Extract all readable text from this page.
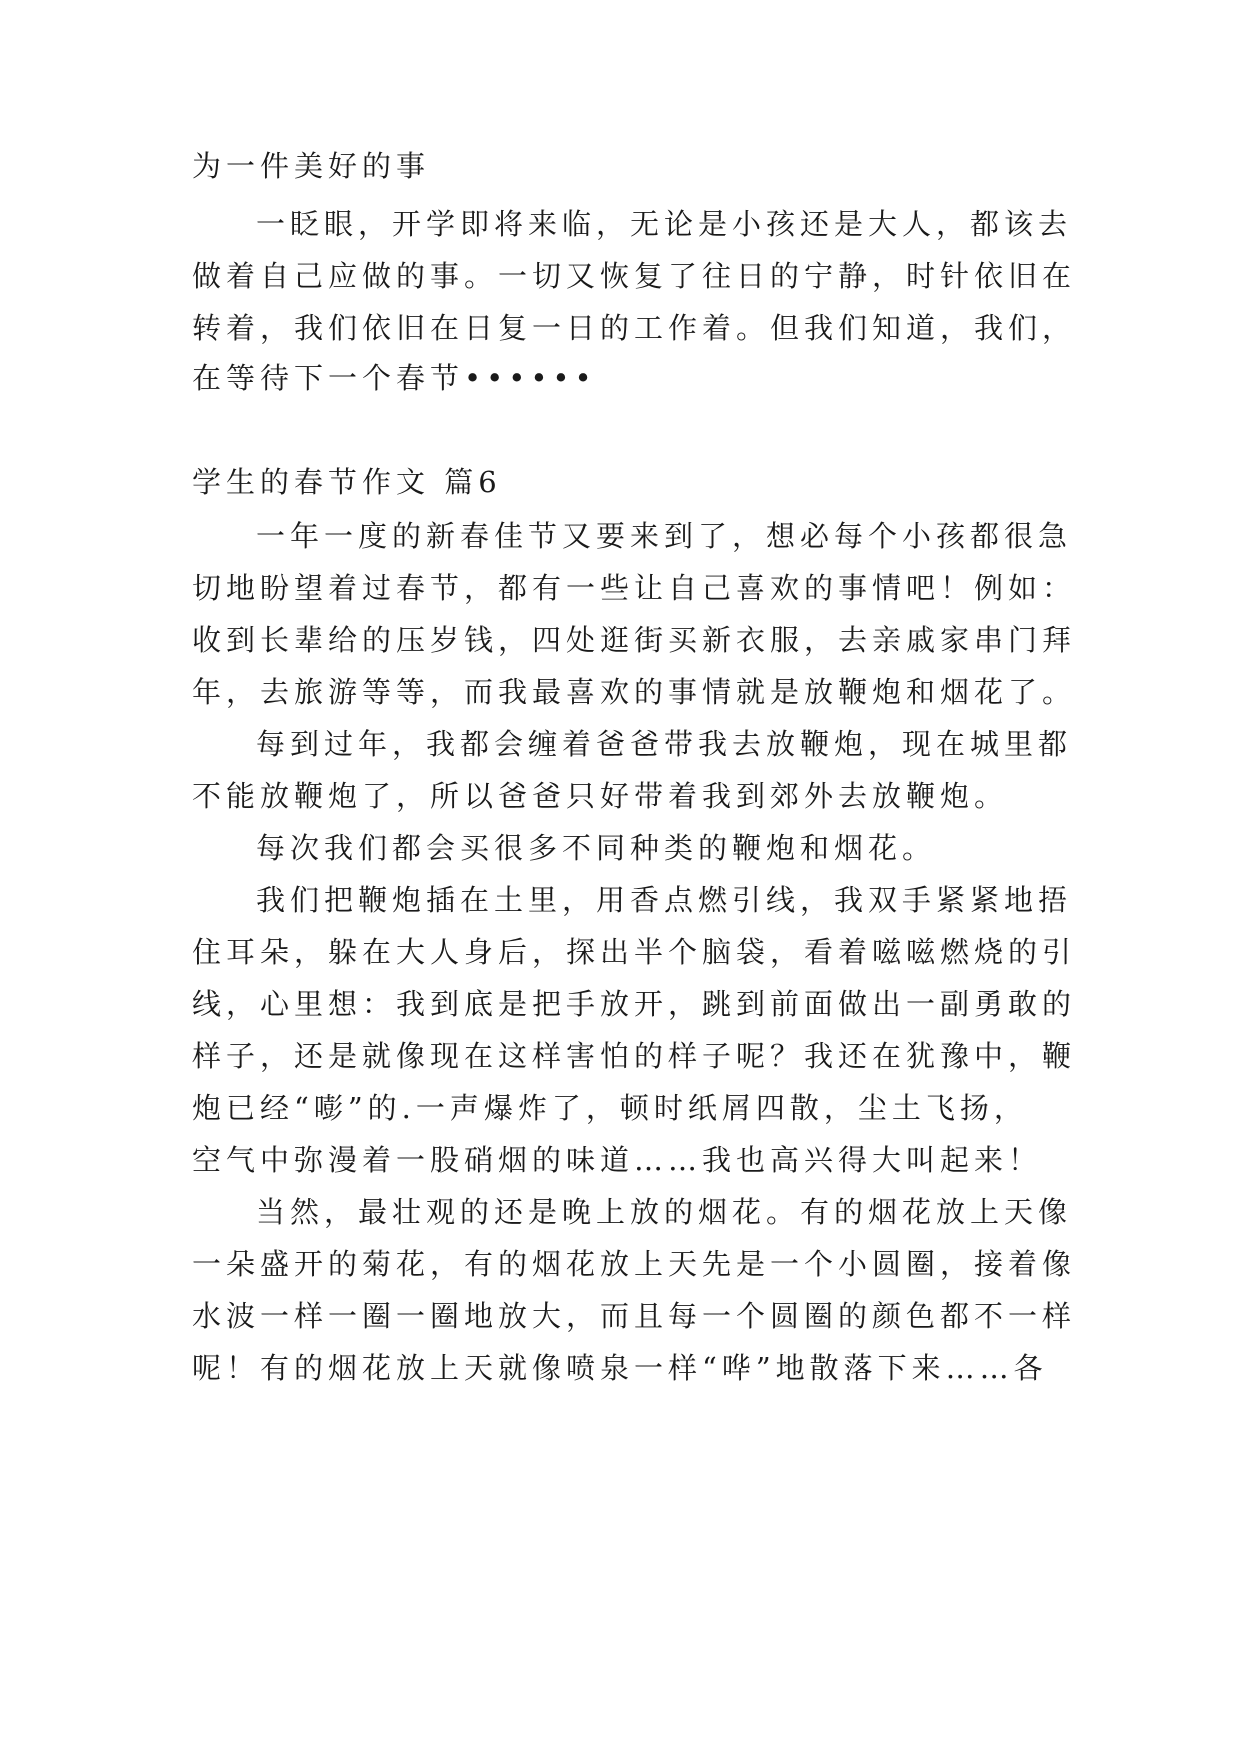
为一件美好的事

一眨眼，开学即将来临，无论是小孩还是大人，都该去

做着自己应做的事。一切又恢复了往日的宁静，时针依旧在

转着，我们依旧在日复一日的工作着。但我们知道，我们，

在等待下一个春节••••••

学生的春节作文 篇6

一年一度的新春佳节又要来到了，想必每个小孩都很急

切地盼望着过春节，都有一些让自己喜欢的事情吧！例如：

收到长辈给的压岁钱，四处逛街买新衣服，去亲戚家串门拜

年，去旅游等等，而我最喜欢的事情就是放鞭炮和烟花了。

每到过年，我都会缠着爸爸带我去放鞭炮，现在城里都

不能放鞭炮了，所以爸爸只好带着我到郊外去放鞭炮。

每次我们都会买很多不同种类的鞭炮和烟花。

我们把鞭炮插在土里，用香点燃引线，我双手紧紧地捂

住耳朵，躲在大人身后，探出半个脑袋，看着嗞嗞燃烧的引

线，心里想：我到底是把手放开，跳到前面做出一副勇敢的

样子，还是就像现在这样害怕的样子呢？我还在犹豫中，鞭

炮已经“嘭”的.一声爆炸了，顿时纸屑四散，尘土飞扬，

空气中弥漫着一股硝烟的味道……我也高兴得大叫起来！

当然，最壮观的还是晚上放的烟花。有的烟花放上天像

一朵盛开的菊花，有的烟花放上天先是一个小圆圈，接着像

水波一样一圈一圈地放大，而且每一个圆圈的颜色都不一样

呢！有的烟花放上天就像喷泉一样“哗”地散落下来……各
